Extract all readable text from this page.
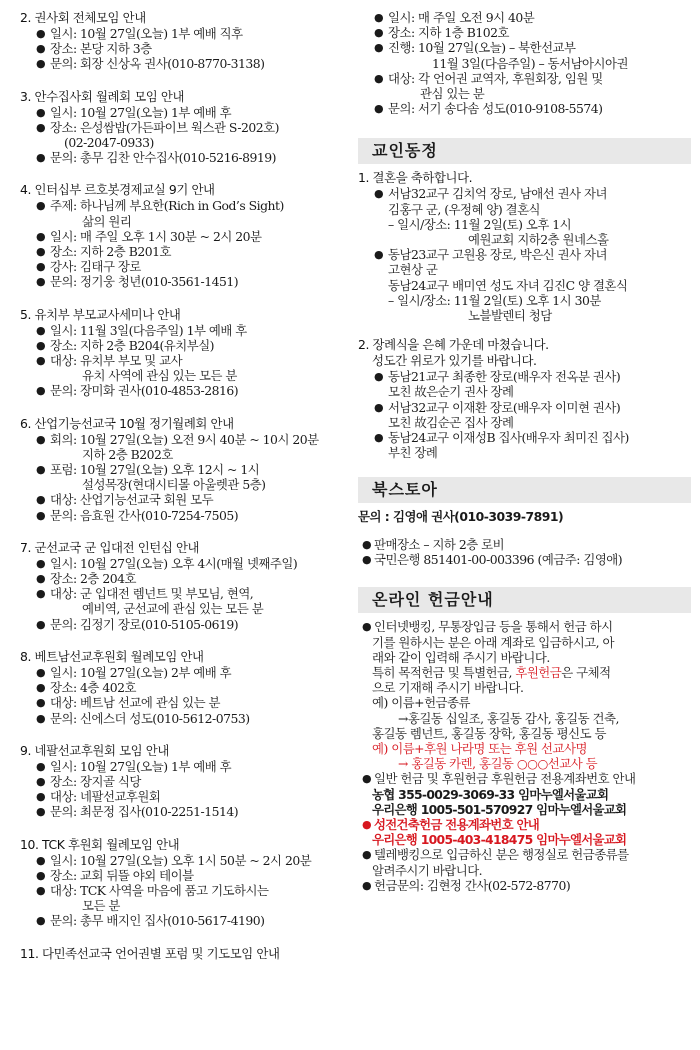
2. 권사회 전체모임 안내
● 일시: 10월 27일(오늘) 1부 예배 직후
● 장소: 본당 지하 3층
● 문의: 회장 신상옥 권사(010-8770-3138)
3. 안수집사회 월례회 모임 안내
● 일시: 10월 27일(오늘) 1부 예배 후
● 장소: 은성쌈밥(가든파이브 웍스관 S-202호)
(02-2047-0933)
● 문의: 총무 김찬 안수집사(010-5216-8919)
4. 인터십부 르호봇경제교실 9기 안내
● 주제: 하나님께 부요한(Rich in God’s Sight)
삶의 원리
● 일시: 매 주일 오후 1시 30분 ~ 2시 20분
● 장소: 지하 2층 B201호
● 강사: 김태구 장로
● 문의: 정기웅 청년(010-3561-1451)
5. 유치부 부모교사세미나 안내
● 일시: 11월 3일(다음주일) 1부 예배 후
● 장소: 지하 2층 B204(유치부실)
● 대상: 유치부 부모 및 교사
유치 사역에 관심 있는 모든 분
● 문의: 장미화 권사(010-4853-2816)
6. 산업기능선교국 10월 정기월례회 안내
● 회의: 10월 27일(오늘) 오전 9시 40분 ~ 10시 20분
지하 2층 B202호
● 포럼: 10월 27일(오늘) 오후 12시 ~ 1시
설성목장(현대시티몰 아울렛관 5층)
● 대상: 산업기능선교국 회원 모두
● 문의: 음효원 간사(010-7254-7505)
7. 군선교국 군 입대전 인턴십 안내
● 일시: 10월 27일(오늘) 오후 4시(매월 넷째주일)
● 장소: 2층 204호
● 대상: 군 입대전 렘넌트 및 부모님, 현역,
예비역, 군선교에 관심 있는 모든 분
● 문의: 김정기 장로(010-5105-0619)
8. 베트남선교후원회 월례모임 안내
● 일시: 10월 27일(오늘) 2부 예배 후
● 장소: 4층 402호
● 대상: 베트남 선교에 관심 있는 분
● 문의: 신에스더 성도(010-5612-0753)
9. 네팔선교후원회 모임 안내
● 일시: 10월 27일(오늘) 1부 예배 후
● 장소: 장지골 식당
● 대상: 네팔선교후원회
● 문의: 최문정 집사(010-2251-1514)
10. TCK 후원회 월례모임 안내
● 일시: 10월 27일(오늘) 오후 1시 50분 ~ 2시 20분
● 장소: 교회 뒤뜰 야외 테이블
● 대상: TCK 사역을 마음에 품고 기도하시는
모든 분
● 문의: 총무 배지인 집사(010-5617-4190)
11. 다민족선교국 언어권별 포럼 및 기도모임 안내
● 일시: 매 주일 오전 9시 40분
● 장소: 지하 1층 B102호
● 진행: 10월 27일(오늘) – 북한선교부
11월 3일(다음주일) – 동서남아시아권
● 대상: 각 언어권 교역자, 후원회장, 임원 및
관심 있는 분
● 문의: 서기 송다솜 성도(010-9108-5574)
교인동정
1. 결혼을 축하합니다.
● 서남32교구 김치억 장로, 남애선 권사 자녀
김홍구 군, (우정혜 양) 결혼식
– 일시/장소: 11월 2일(토) 오후 1시
예원교회 지하2층 원네스홀
● 동남23교구 고원용 장로, 박은신 권사 자녀
고현상 군
동남24교구 배미연 성도 자녀 김진C 양 결혼식
– 일시/장소: 11월 2일(토) 오후 1시 30분
노블발렌티 청담
2. 장례식을 은혜 가운데 마쳤습니다.
성도간 위로가 있기를 바랍니다.
● 동남21교구 최종한 장로(배우자 전옥분 권사)
모친 故은순기 권사 장례
● 서남32교구 이재환 장로(배우자 이미현 권사)
모친 故김순곤 집사 장례
● 동남24교구 이재성B 집사(배우자 최미진 집사)
부친 장례
북스토아
문의 : 김영애 권사(010-3039-7891)
● 판매장소 – 지하 2층 로비
● 국민은행 851401-00-003396 (예금주: 김영애)
온라인 헌금안내
● 인터넷뱅킹, 무통장입금 등을 통해서 헌금 하시
기를 원하시는 분은 아래 계좌로 입금하시고, 아
래와 같이 입력해 주시기 바랍니다.
특히 목적헌금 및 특별헌금, 후원헌금은 구체적
으로 기재해 주시기 바랍니다.
예) 이름+헌금종류
→홍길동 십일조, 홍길동 감사, 홍길동 건축,
홍길동 렘넌트, 홍길동 장학, 홍길동 평신도 등
예) 이름+후원 나라명 또는 후원 선교사명
→ 홍길동 카렌, 홍길동 ○○○선교사 등
● 일반 헌금 및 후원헌금 후원헌금 전용계좌번호 안내
농협 355-0029-3069-33 임마누엘서울교회
우리은행 1005-501-570927 임마누엘서울교회
● 성전건축헌금 전용계좌번호 안내
우리은행 1005-403-418475 임마누엘서울교회
● 텔레뱅킹으로 입금하신 분은 행정실로 헌금종류를
알려주시기 바랍니다.
● 헌금문의: 김현정 간사(02-572-8770)
